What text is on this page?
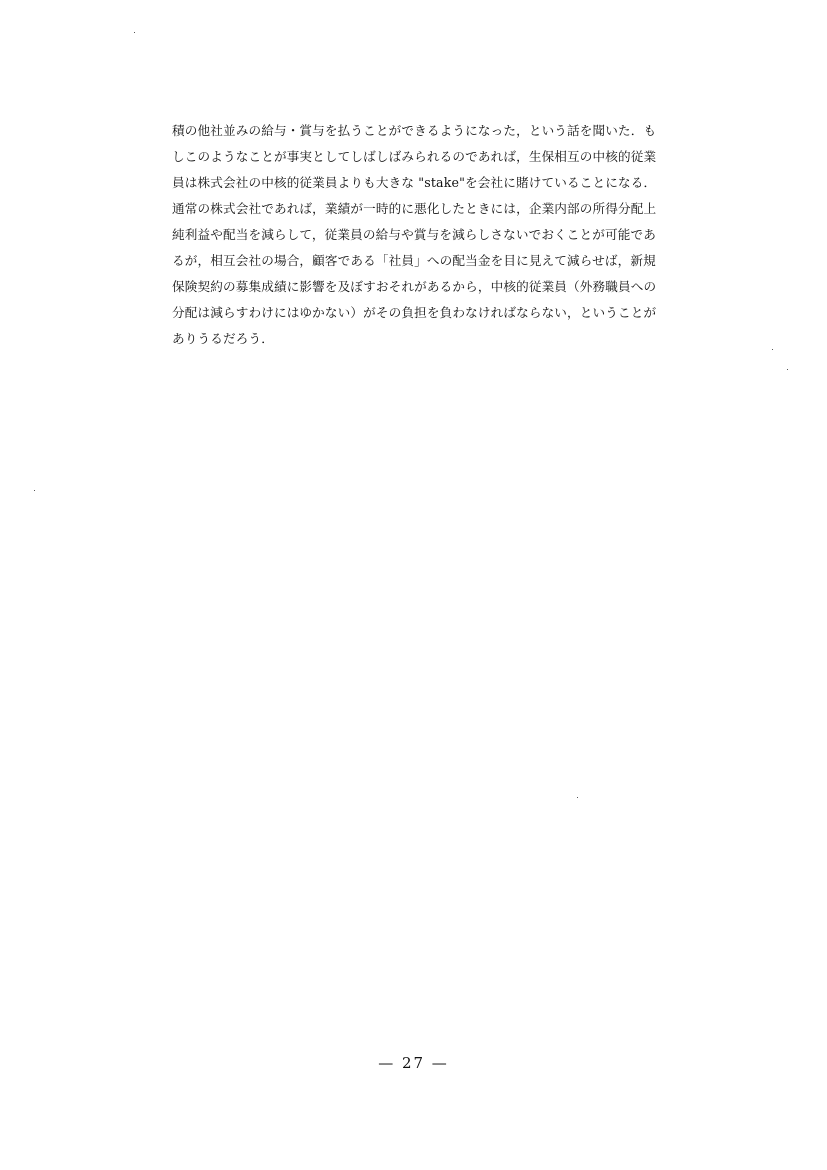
積の他社並みの給与・賞与を払うことができるようになった，という話を聞いた．も
しこのようなことが事実としてしばしばみられるのであれば，生保相互の中核的従業
員は株式会社の中核的従業員よりも大きな "stake"を会社に賭けていることになる．
通常の株式会社であれば，業績が一時的に悪化したときには，企業内部の所得分配上
純利益や配当を減らして，従業員の給与や賞与を減らしさないでおくことが可能であ
るが，相互会社の場合，顧客である「社員」への配当金を目に見えて減らせば，新規
保険契約の募集成績に影響を及ぼすおそれがあるから，中核的従業員（外務職員への
分配は減らすわけにはゆかない）がその負担を負わなければならない，ということが
ありうるだろう．
— 27 —
